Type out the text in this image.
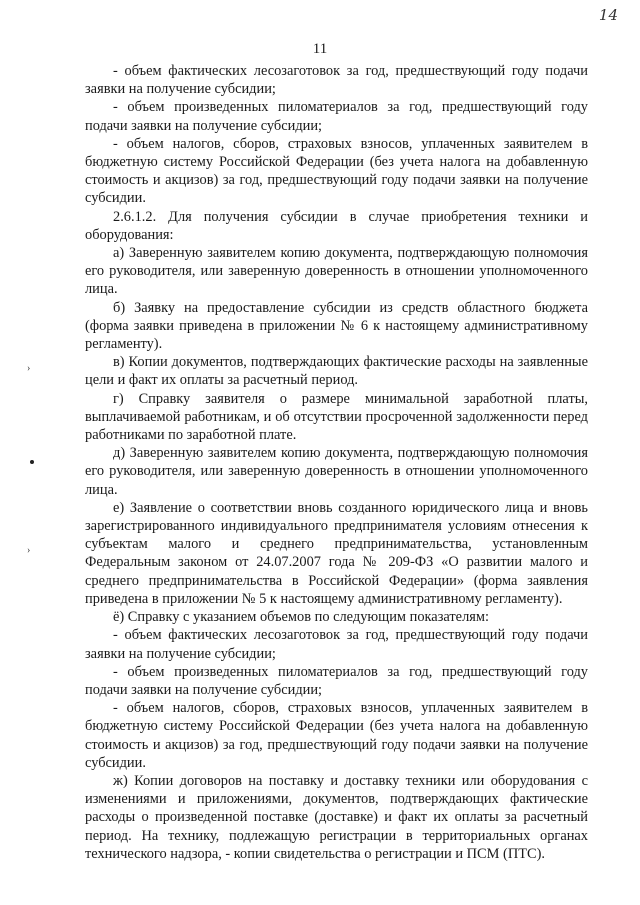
14
11
›
›

- объем фактических лесозаготовок за год, предшествующий году подачи заявки на получение субсидии;

- объем произведенных пиломатериалов за год, предшествующий году подачи заявки на получение субсидии;

- объем налогов, сборов, страховых взносов, уплаченных заявителем в бюджетную систему Российской Федерации (без учета налога на добавленную стоимость и акцизов) за год, предшествующий году подачи заявки на получение субсидии.

2.6.1.2. Для получения субсидии в случае приобретения техники и оборудования:

а) Заверенную заявителем копию документа, подтверждающую полномочия его руководителя, или заверенную доверенность в отношении уполномоченного лица.

б) Заявку на предоставление субсидии из средств областного бюджета (форма заявки приведена в приложении № 6 к настоящему административному регламенту).

в) Копии документов, подтверждающих фактические расходы на заявленные цели и факт их оплаты за расчетный период.

г) Справку заявителя о размере минимальной заработной платы, выплачиваемой работникам, и об отсутствии просроченной задолженности перед работниками по заработной плате.

д) Заверенную заявителем копию документа, подтверждающую полномочия его руководителя, или заверенную доверенность в отношении уполномоченного лица.

е) Заявление о соответствии вновь созданного юридического лица и вновь зарегистрированного индивидуального предпринимателя условиям отнесения к субъектам малого и среднего предпринимательства, установленным Федеральным законом от 24.07.2007 года № 209-ФЗ «О развитии малого и среднего предпринимательства в Российской Федерации» (форма заявления приведена в приложении № 5 к настоящему административному регламенту).

ё) Справку с указанием объемов по следующим показателям:

- объем фактических лесозаготовок за год, предшествующий году подачи заявки на получение субсидии;

- объем произведенных пиломатериалов за год, предшествующий году подачи заявки на получение субсидии;

- объем налогов, сборов, страховых взносов, уплаченных заявителем в бюджетную систему Российской Федерации (без учета налога на добавленную стоимость и акцизов) за год, предшествующий году подачи заявки на получение субсидии.

ж) Копии договоров на поставку и доставку техники или оборудования с изменениями и приложениями, документов, подтверждающих фактические расходы о произведенной поставке (доставке) и факт их оплаты за расчетный период. На технику, подлежащую регистрации в территориальных органах технического надзора, - копии свидетельства о регистрации и ПСМ (ПТС).
